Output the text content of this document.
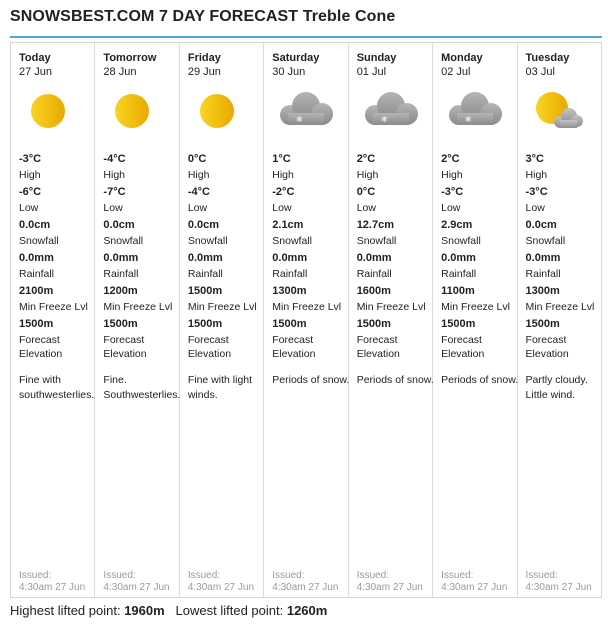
SNOWSBEST.COM 7 DAY FORECAST Treble Cone
Today
27 Jun
-3°C
High
-6°C
Low
0.0cm
Snowfall
0.0mm
Rainfall
2100m
Min Freeze Lvl
1500m
Forecast Elevation
Fine with southwesterlies.
Issued:
4:30am 27 Jun
Tomorrow
28 Jun
-4°C
High
-7°C
Low
0.0cm
Snowfall
0.0mm
Rainfall
1200m
Min Freeze Lvl
1500m
Forecast Elevation
Fine. Southwesterlies.
Issued:
4:30am 27 Jun
Friday
29 Jun
0°C
High
-4°C
Low
0.0cm
Snowfall
0.0mm
Rainfall
1500m
Min Freeze Lvl
1500m
Forecast Elevation
Fine with light winds.
Issued:
4:30am 27 Jun
Saturday
30 Jun
❄
1°C
High
-2°C
Low
2.1cm
Snowfall
0.0mm
Rainfall
1300m
Min Freeze Lvl
1500m
Forecast Elevation
Periods of snow.
Issued:
4:30am 27 Jun
Sunday
01 Jul
❄
2°C
High
0°C
Low
12.7cm
Snowfall
0.0mm
Rainfall
1600m
Min Freeze Lvl
1500m
Forecast Elevation
Periods of snow.
Issued:
4:30am 27 Jun
Monday
02 Jul
❄
2°C
High
-3°C
Low
2.9cm
Snowfall
0.0mm
Rainfall
1100m
Min Freeze Lvl
1500m
Forecast Elevation
Periods of snow.
Issued:
4:30am 27 Jun
Tuesday
03 Jul
3°C
High
-3°C
Low
0.0cm
Snowfall
0.0mm
Rainfall
1300m
Min Freeze Lvl
1500m
Forecast Elevation
Partly cloudy. Little wind.
Issued:
4:30am 27 Jun
Highest lifted point: 1960m Lowest lifted point: 1260m
